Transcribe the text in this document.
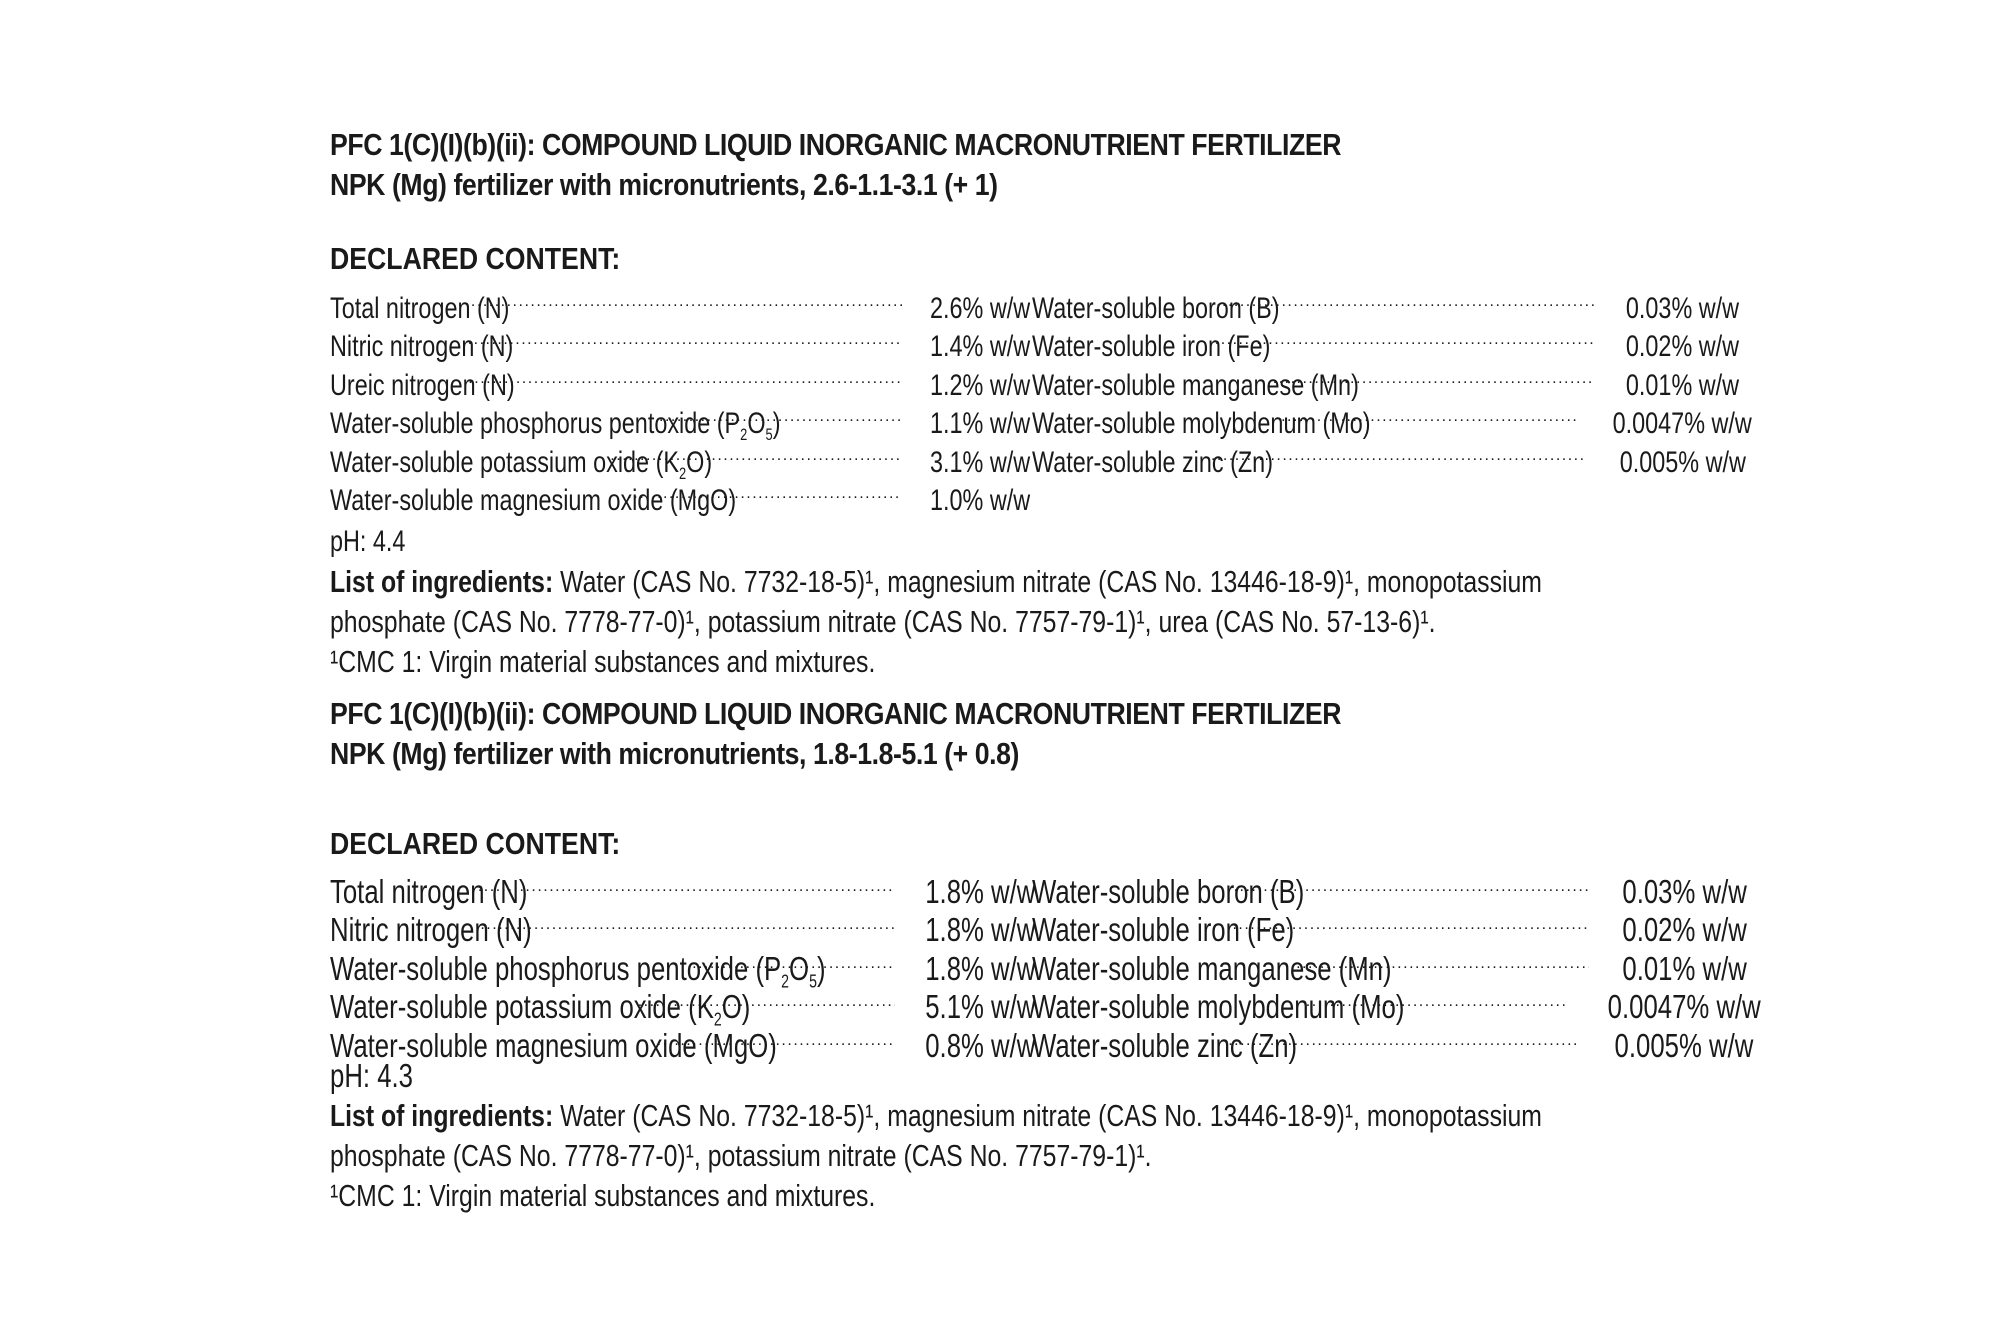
PFC 1(C)(I)(b)(ii): COMPOUND LIQUID INORGANIC MACRONUTRIENT FERTILIZER
NPK (Mg) fertilizer with micronutrients, 2.6-1.1-3.1 (+ 1)
DECLARED CONTENT:
Total nitrogen (N) .....	2.6% w/w
Nitric nitrogen (N) .....	1.4% w/w
Ureic nitrogen (N) .....	1.2% w/w
Water-soluble phosphorus pentoxide $(P_2O_5)$ .....	1.1% w/w
Water-soluble potassium oxide $(K_2O)$ .....	3.1% w/w
Water-soluble magnesium oxide (MgO) .....	1.0% w/w
Water-soluble boron (B) .....	0.03% w/w
Water-soluble iron (Fe) .....	0.02% w/w
Water-soluble manganese (Mn) .....	0.01% w/w
Water-soluble molybdenum (Mo) .....	0.0047% w/w
Water-soluble zinc (Zn) .....	0.005% w/w
pH: 4.4
List of ingredients: Water (CAS No. 7732-18-5)¹, magnesium nitrate (CAS No. 13446-18-9)¹, monopotassium
phosphate (CAS No. 7778-77-0)¹, potassium nitrate (CAS No. 7757-79-1)¹, urea (CAS No. 57-13-6)¹.
¹CMC 1: Virgin material substances and mixtures.
PFC 1(C)(I)(b)(ii): COMPOUND LIQUID INORGANIC MACRONUTRIENT FERTILIZER
NPK (Mg) fertilizer with micronutrients, 1.8-1.8-5.1 (+ 0.8)
DECLARED CONTENT:
Total nitrogen (N) .....	1.8% w/w
Nitric nitrogen (N) .....	1.8% w/w
Water-soluble phosphorus pentoxide $(P_2O_5)$ .....	1.8% w/w
Water-soluble potassium oxide $(K_2O)$ .....	5.1% w/w
Water-soluble magnesium oxide (MgO) .....	0.8% w/w
Water-soluble boron (B) .....	0.03% w/w
Water-soluble iron (Fe) .....	0.02% w/w
Water-soluble manganese (Mn) .....	0.01% w/w
Water-soluble molybdenum (Mo) .....	0.0047% w/w
Water-soluble zinc (Zn) .....	0.005% w/w
pH: 4.3
List of ingredients: Water (CAS No. 7732-18-5)¹, magnesium nitrate (CAS No. 13446-18-9)¹, monopotassium
phosphate (CAS No. 7778-77-0)¹, potassium nitrate (CAS No. 7757-79-1)¹.
¹CMC 1: Virgin material substances and mixtures.
